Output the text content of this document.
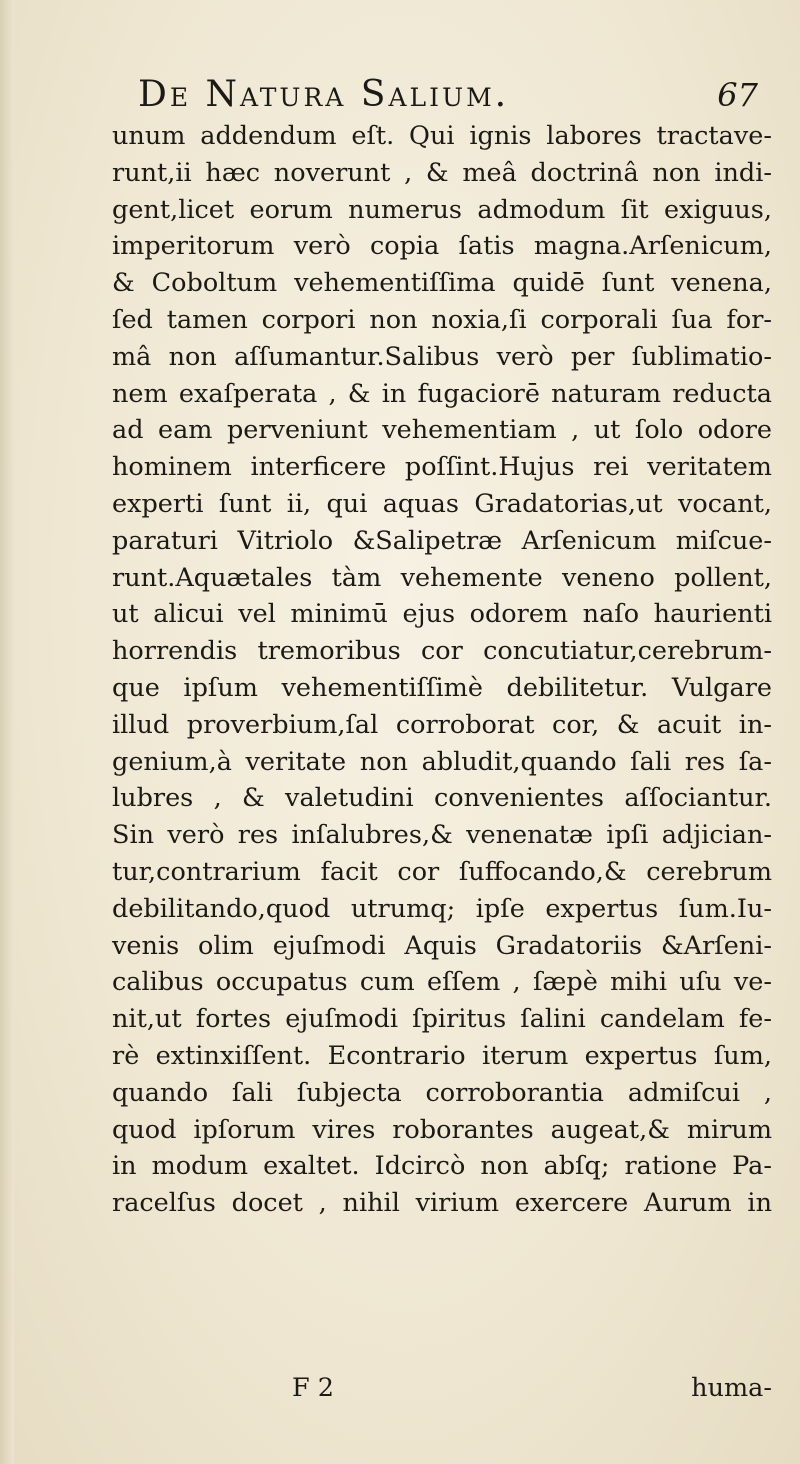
De Natura Salium.	67
unum addendum eſt. Qui ignis labores tractave-
runt,ii hæc noverunt , & meâ doctrinâ non indi-
gent,licet eorum numerus admodum ſit exiguus,
imperitorum verò copia ſatis magna.Arſenicum,
& Coboltum vehementiſſima quidē ſunt venena,
ſed tamen corpori non noxia,ſi corporali ſua for-
mâ non aſſumantur.Salibus verò per ſublimatio-
nem exaſperata , & in fugaciorē naturam reducta
ad eam perveniunt vehementiam , ut ſolo odore
hominem interficere poſſint.Hujus rei veritatem
experti ſunt ii, qui aquas Gradatorias,ut vocant,
paraturi Vitriolo &Salipetræ Arſenicum miſcue-
runt.Aquætales tàm vehemente veneno pollent,
ut alicui vel minimū ejus odorem naſo haurienti
horrendis tremoribus cor concutiatur,cerebrum-
que ipſum vehementiſſimè debilitetur. Vulgare
illud proverbium,ſal corroborat cor, & acuit in-
genium,à veritate non abludit,quando ſali res ſa-
lubres , & valetudini convenientes aſſociantur.
Sin verò res inſalubres,& venenatæ ipſi adjician-
tur,contrarium facit cor ſuffocando,& cerebrum
debilitando,quod utrumq; ipſe expertus ſum.Iu-
venis olim ejuſmodi Aquis Gradatoriis &Arſeni-
calibus occupatus cum eſſem , ſæpè mihi uſu ve-
nit,ut fortes ejuſmodi ſpiritus ſalini candelam fe-
rè extinxiſſent. Econtrario iterum expertus ſum,
quando ſali ſubjecta corroborantia admiſcui ,
quod ipſorum vires roborantes augeat,& mirum
in modum exaltet. Idcircò non abſq; ratione Pa-
racelſus docet , nihil virium exercere Aurum in
F 2	huma-
